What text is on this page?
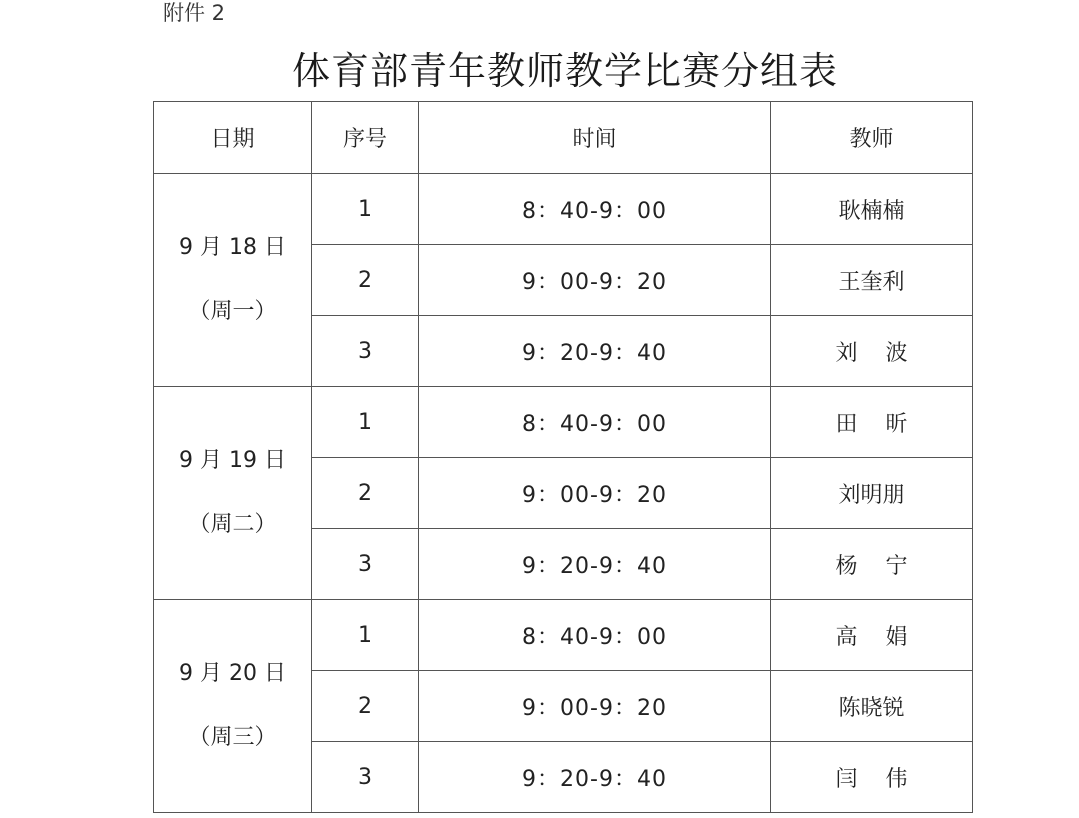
附件 2
体育部青年教师教学比赛分组表
日期	序号	时间	教师

9 月 18 日
（周一）	1	8：40-9：00	耿楠楠
	2	9：00-9：20	王奎利
	3	9：20-9：40	刘    波

9 月 19 日
（周二）	1	8：40-9：00	田    昕
	2	9：00-9：20	刘明朋
	3	9：20-9：40	杨    宁

9 月 20 日
（周三）	1	8：40-9：00	高    娟
	2	9：00-9：20	陈晓锐
	3	9：20-9：40	闫    伟
